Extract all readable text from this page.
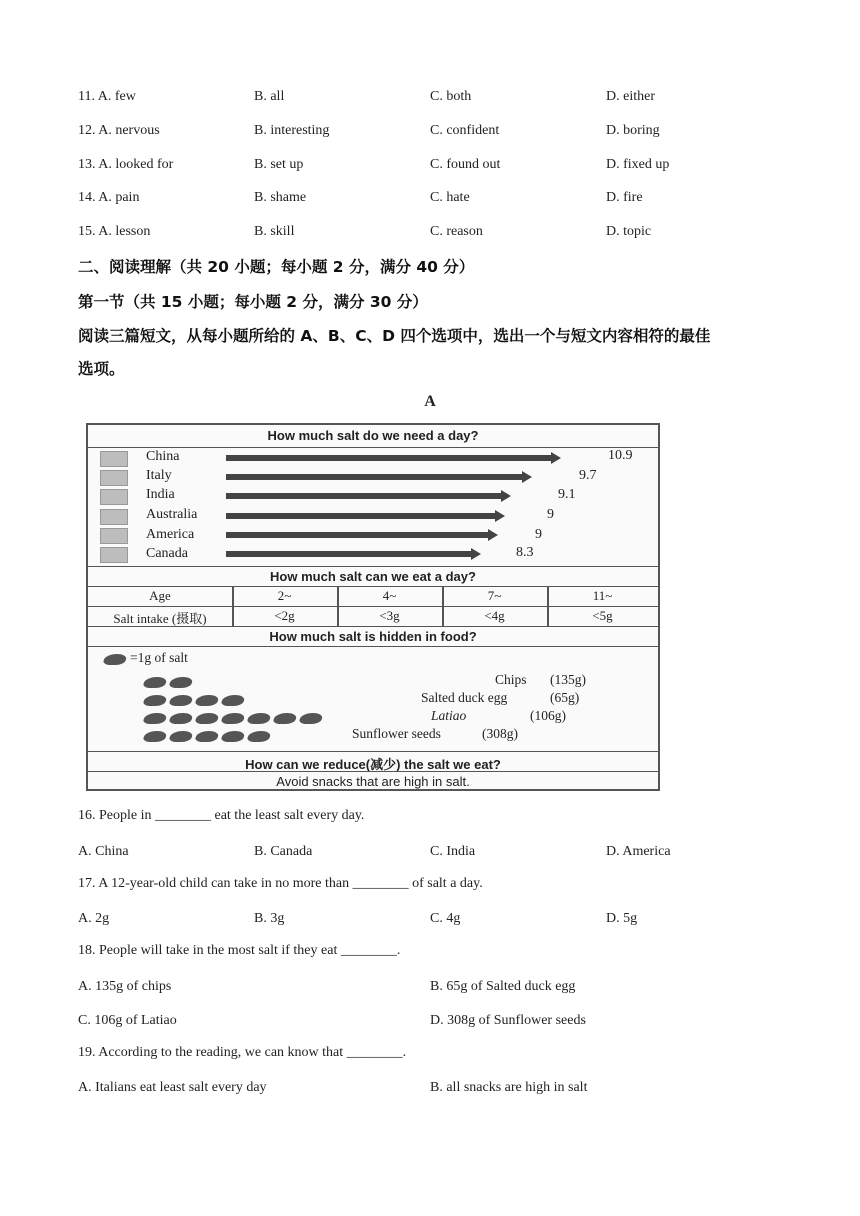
11. A. few	B. all	C. both	D. either
12. A. nervous	B. interesting	C. confident	D. boring
13. A. looked for	B. set up	C. found out	D. fixed up
14. A. pain	B. shame	C. hate	D. fire
15. A. lesson	B. skill	C. reason	D. topic
二、阅读理解（共 20 小题；每小题 2 分，满分 40 分）
第一节（共 15 小题；每小题 2 分，满分 30 分）
阅读三篇短文，从每小题所给的 A、B、C、D 四个选项中，选出一个与短文内容相符的最佳
选项。
A
How much salt do we need a day?
China	10.9
Italy	9.7
India	9.1
Australia	9
America	9
Canada	8.3
How much salt can we eat a day?
Age	2~	4~	7~	11~
Salt intake (摄取)	<2g	<3g	<4g	<5g
How much salt is hidden in food?
=1g of salt
Chips (135g)
Salted duck egg	(65g)
Latiao	(106g)
Sunflower seeds	(308g)
How can we reduce(减少) the salt we eat?
Avoid snacks that are high in salt.
16. People in ________ eat the least salt every day.
A. China	B. Canada	C. India	D. America
17. A 12-year-old child can take in no more than ________ of salt a day.
A. 2g	B. 3g	C. 4g	D. 5g
18. People will take in the most salt if they eat ________.
A. 135g of chips	B. 65g of Salted duck egg
C. 106g of Latiao	D. 308g of Sunflower seeds
19. According to the reading, we can know that ________.
A. Italians eat least salt every day	B. all snacks are high in salt
